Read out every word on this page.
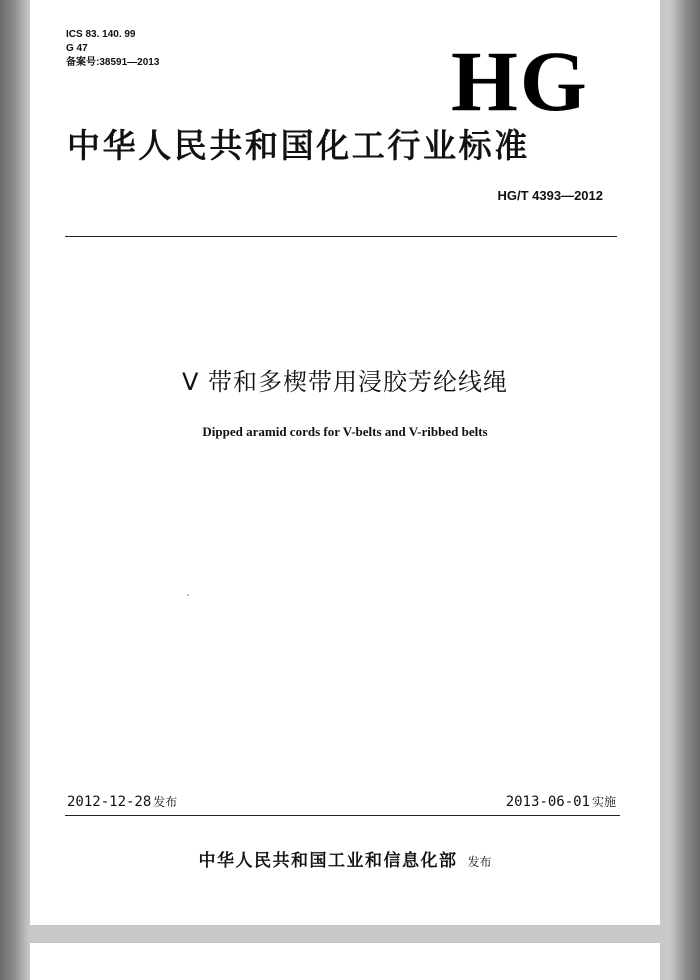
ICS 83. 140. 99
G 47
备案号:38591—2013	HG
中华人民共和国化工行业标准
HG/T 4393—2012
V 带和多楔带用浸胶芳纶线绳
Dipped aramid cords for V-belts and V-ribbed belts
2012-12-28 发布	2013-06-01 实施
中华人民共和国工业和信息化部 发布
